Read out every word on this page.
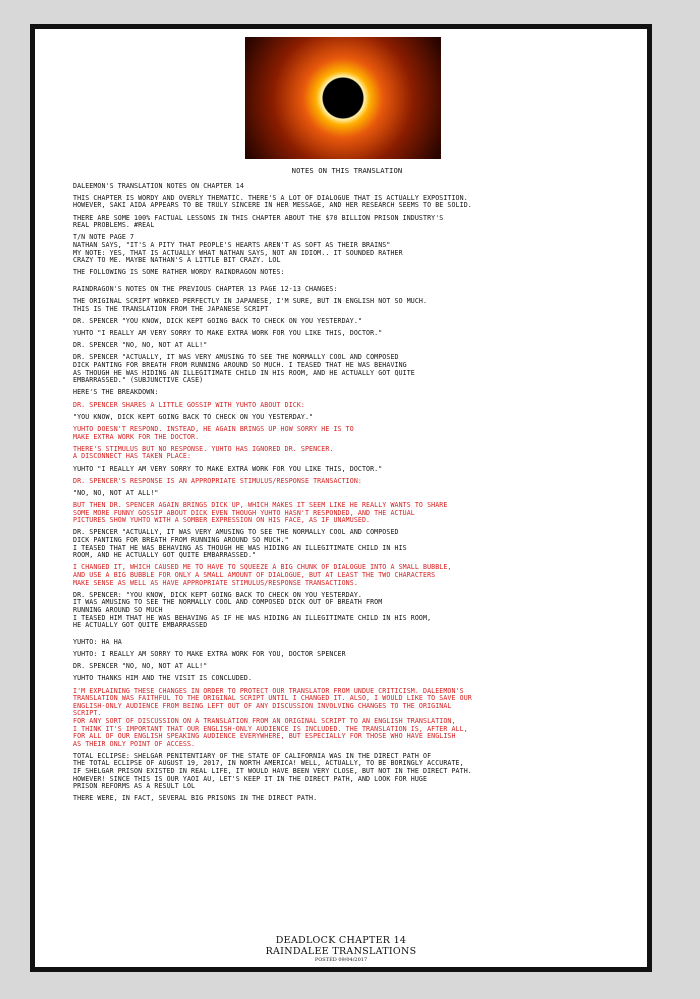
NOTES ON THIS TRANSLATION

DALEEMON'S TRANSLATION NOTES ON CHAPTER 14

THIS CHAPTER IS WORDY AND OVERLY THEMATIC. THERE'S A LOT OF DIALOGUE THAT IS ACTUALLY EXPOSITION.
HOWEVER, SAKI AIDA APPEARS TO BE TRULY SINCERE IN HER MESSAGE, AND HER RESEARCH SEEMS TO BE SOLID.

THERE ARE SOME 100% FACTUAL LESSONS IN THIS CHAPTER ABOUT THE $70 BILLION PRISON INDUSTRY'S
REAL PROBLEMS. #REAL

T/N NOTE PAGE 7
NATHAN SAYS, "IT'S A PITY THAT PEOPLE'S HEARTS AREN'T AS SOFT AS THEIR BRAINS"
MY NOTE: YES, THAT IS ACTUALLY WHAT NATHAN SAYS, NOT AN IDIOM.. IT SOUNDED RATHER
CRAZY TO ME. MAYBE NATHAN'S A LITTLE BIT CRAZY. LOL

THE FOLLOWING IS SOME RATHER WORDY RAINDRAGON NOTES:

RAINDRAGON'S NOTES ON THE PREVIOUS CHAPTER 13 PAGE 12-13 CHANGES:

THE ORIGINAL SCRIPT WORKED PERFECTLY IN JAPANESE, I'M SURE, BUT IN ENGLISH NOT SO MUCH.
THIS IS THE TRANSLATION FROM THE JAPANESE SCRIPT

DR. SPENCER "YOU KNOW, DICK KEPT GOING BACK TO CHECK ON YOU YESTERDAY."

YUHTO "I REALLY AM VERY SORRY TO MAKE EXTRA WORK FOR YOU LIKE THIS, DOCTOR."

DR. SPENCER "NO, NO, NOT AT ALL!"

DR. SPENCER "ACTUALLY, IT WAS VERY AMUSING TO SEE THE NORMALLY COOL AND COMPOSED
DICK PANTING FOR BREATH FROM RUNNING AROUND SO MUCH. I TEASED THAT HE WAS BEHAVING
AS THOUGH HE WAS HIDING AN ILLEGITIMATE CHILD IN HIS ROOM, AND HE ACTUALLY GOT QUITE
EMBARRASSED." (SUBJUNCTIVE CASE)

HERE'S THE BREAKDOWN:

DR. SPENCER SHARES A LITTLE GOSSIP WITH YUHTO ABOUT DICK:

"YOU KNOW, DICK KEPT GOING BACK TO CHECK ON YOU YESTERDAY."

YUHTO DOESN'T RESPOND. INSTEAD, HE AGAIN BRINGS UP HOW SORRY HE IS TO
MAKE EXTRA WORK FOR THE DOCTOR.

THERE'S STIMULUS BUT NO RESPONSE. YUHTO HAS IGNORED DR. SPENCER.
A DISCONNECT HAS TAKEN PLACE:

YUHTO "I REALLY AM VERY SORRY TO MAKE EXTRA WORK FOR YOU LIKE THIS, DOCTOR."

DR. SPENCER'S RESPONSE IS AN APPROPRIATE STIMULUS/RESPONSE TRANSACTION:

"NO, NO, NOT AT ALL!"

BUT THEN DR. SPENCER AGAIN BRINGS DICK UP, WHICH MAKES IT SEEM LIKE HE REALLY WANTS TO SHARE
SOME MORE FUNNY GOSSIP ABOUT DICK EVEN THOUGH YUHTO HASN'T RESPONDED, AND THE ACTUAL
PICTURES SHOW YUHTO WITH A SOMBER EXPRESSION ON HIS FACE, AS IF UNAMUSED.

DR. SPENCER "ACTUALLY, IT WAS VERY AMUSING TO SEE THE NORMALLY COOL AND COMPOSED
DICK PANTING FOR BREATH FROM RUNNING AROUND SO MUCH."
I TEASED THAT HE WAS BEHAVING AS THOUGH HE WAS HIDING AN ILLEGITIMATE CHILD IN HIS
ROOM, AND HE ACTUALLY GOT QUITE EMBARRASSED."

I CHANGED IT, WHICH CAUSED ME TO HAVE TO SQUEEZE A BIG CHUNK OF DIALOGUE INTO A SMALL BUBBLE,
AND USE A BIG BUBBLE FOR ONLY A SMALL AMOUNT OF DIALOGUE, BUT AT LEAST THE TWO CHARACTERS
MAKE SENSE AS WELL AS HAVE APPROPRIATE STIMULUS/RESPONSE TRANSACTIONS.

DR. SPENCER: "YOU KNOW, DICK KEPT GOING BACK TO CHECK ON YOU YESTERDAY.
IT WAS AMUSING TO SEE THE NORMALLY COOL AND COMPOSED DICK OUT OF BREATH FROM
RUNNING AROUND SO MUCH
I TEASED HIM THAT HE WAS BEHAVING AS IF HE WAS HIDING AN ILLEGITIMATE CHILD IN HIS ROOM,
HE ACTUALLY GOT QUITE EMBARRASSED

YUHTO: HA HA

YUHTO: I REALLY AM SORRY TO MAKE EXTRA WORK FOR YOU, DOCTOR SPENCER

DR. SPENCER "NO, NO, NOT AT ALL!"

YUHTO THANKS HIM AND THE VISIT IS CONCLUDED.

I'M EXPLAINING THESE CHANGES IN ORDER TO PROTECT OUR TRANSLATOR FROM UNDUE CRITICISM. DALEEMON'S
TRANSLATION WAS FAITHFUL TO THE ORIGINAL SCRIPT UNTIL I CHANGED IT. ALSO, I WOULD LIKE TO SAVE OUR
ENGLISH-ONLY AUDIENCE FROM BEING LEFT OUT OF ANY DISCUSSION INVOLVING CHANGES TO THE ORIGINAL
SCRIPT.
FOR ANY SORT OF DISCUSSION ON A TRANSLATION FROM AN ORIGINAL SCRIPT TO AN ENGLISH TRANSLATION,
I THINK IT'S IMPORTANT THAT OUR ENGLISH-ONLY AUDIENCE IS INCLUDED. THE TRANSLATION IS, AFTER ALL,
FOR ALL OF OUR ENGLISH SPEAKING AUDIENCE EVERYWHERE, BUT ESPECIALLY FOR THOSE WHO HAVE ENGLISH
AS THEIR ONLY POINT OF ACCESS.

TOTAL ECLIPSE: SHELGAR PENITENTIARY OF THE STATE OF CALIFORNIA WAS IN THE DIRECT PATH OF
THE TOTAL ECLIPSE OF AUGUST 19, 2017, IN NORTH AMERICA! WELL, ACTUALLY, TO BE BORINGLY ACCURATE,
IF SHELGAR PRISON EXISTED IN REAL LIFE, IT WOULD HAVE BEEN VERY CLOSE, BUT NOT IN THE DIRECT PATH.
HOWEVER! SINCE THIS IS OUR YAOI AU, LET'S KEEP IT IN THE DIRECT PATH, AND LOOK FOR HUGE
PRISON REFORMS AS A RESULT LOL

THERE WERE, IN FACT, SEVERAL BIG PRISONS IN THE DIRECT PATH.

DEADLOCK CHAPTER 14
RAINDALEE TRANSLATIONS
POSTED 09/04/2017
